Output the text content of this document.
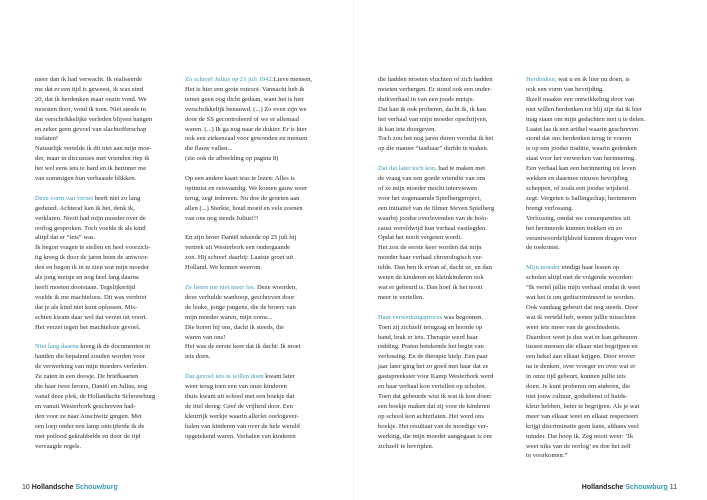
meer dan ik had verwacht. Ik realiseerde
me dat er een tijd is geweest, ik was eind
20, dat ik herdenken maar onzin vond. We
moesten door, vond ik toen. Niet steeds in
dat verschrikkelijke verleden blijven hangen
en zeker geen gevoel van slachtofferschap
toelaten!
Natuurlijk vertelde ik dit niet aan mijn moe-
der, maar in discussies met vrienden riep ik
het wel eens iets te hard en ik herinner me
van sommigen hun verbaasde blikken.

Deze vorm van verzet heeft niet zo lang
geduurd. Achteraf kan ik het, denk ik,
verklaren. Nooit had mijn moeder over de
oorlog gesproken. Toch voelde ik als kind
altijd dat er “iets” was.
Ik begon vragen te stellen en heel voorzich-
tig kreeg ik door de jaren heen de antwoor-
den en begon ik in te zien wat mijn moeder
als jong meisje en nog heel lang daarna
heeft moeten doorstaan. Tegelijkertijd
voelde ik me machteloos. Dit was verdriet
dat je als kind niet kunt oplossen. Mis-
schien kwam daar wel dat verzet uit voort.
Het verzet tegen het machteloze gevoel.

Niet lang daarna kreeg ik de documenten in
handen die bepalend zouden worden voor
de verwerking van mijn moeders verleden.
Ze zaten in een doosje. De briefkaarten
die haar twee broers, Daniël en Julius, nog
vanaf deze plek, de Hollandsche Schouwburg
en vanuit Westerbork geschreven had-
den voor ze naar Auschwitz gingen. Met
een loep onder een lamp ontcijferde ik de
met potlood gekrabbelde en door de tijd
vervaagde regels.

Zo schreef Julius op 21 juli 1942:Lieve mensen,
Het is hier een grote rotzooi. Vannacht heb ik
temet geen oog dicht gedaan, want het is hier
verschrikkelijk benauwd. (...) Zo even zijn we
door de SS gecontroleerd of we er allemaal
waren. (...) Ik ga nog naar de dokter. Er is hier
ook een ziekenzaal voor gewonden en mensen
die flauw vallen...
(zie ook de afbeelding op pagina 8)

Op een andere kaart was te lezen: Alles is
optimist en reisvaardig. We komen gauw weer
terug, zegt iedereen. Nu doe de groeten aan
allen (...) Sterkte, houd moed en vele zoenen
van ons nog steeds Julius!!!

En zijn broer Daniël tekende op 25 juli bij
vertrek uit Westerbork een ondergaande
zon. Hij schreef daarbij: Laatste groet uit
Holland. We komen weerom.

Ze lieten me niet meer los. Deze woorden,
deze verhulde wanhoop, geschreven door
de leuke, jonge jongens, die de broers van
mijn moeder waren, mijn ooms...
Die horen bij ons, dacht ik steeds, die
waren van ons!
Het was de eerste keer dat ik dacht: Ik moet
iets doen.

Dat gevoel iets te willen doen kwam later
weer terug toen een van onze kinderen
thuis kwam uit school met een boekje dat
de titel droeg: Geef de vrijheid door. Een
kleurrijk werkje waarin allerlei oorlogsver-
halen van kinderen van over de hele wereld
opgetekend waren. Verhalen van kinderen

die hadden moeten vluchten of zich hadden
moeten verbergen. Er stond ook een onder-
duikverhaal in van een joods meisje.
Dat kan ik ook proberen, dacht ik, ik kan
het verhaal van mijn moeder opschrijven,
ik kan iets doorgeven.
Toch zou het nog jaren duren voordat ik het
op die manier “tastbaar” durfde te maken.

Dat dat later toch kon, had te maken met
de vraag van een goede vriendin van ons
of ze mijn moeder mocht interviewen
voor het zogenaamde Spielbergproject,
een initiatief van de filmer Steven Spielberg
waarbij joodse overlevenden van de holo-
caust wereldwijd hun verhaal vastlegden.
Opdat het nooit vergeten wordt.
Het zou de eerste keer worden dat mijn
moeder haar verhaal chronologisch ver-
telde. Dan ben ik ervan af, dacht ze, en dan
weten de kinderen en kleinkinderen ook
wat er gebeurd is. Dan hoef ik het nooit
meer te vertellen.

Haar verwerkingsproces was begonnen.
Toen zij zichzelf terugzag en hoorde op
band, brak er iets. Therapie werd haar
redding. Praten betekende het begin van
verlossing. En de therapie hielp. Een paar
jaar later ging het zo goed met haar dat ze
gastspreekster voor Kamp Westerbork werd
en haar verhaal kon vertellen op scholen.
Toen dat gebeurde wist ik wat ik kon doen:
een boekje maken dat zij voor de kinderen
op school kon achterlaten. Het werd ons
boekje. Het resultaat van de moedige ver-
werking, die mijn moeder aangegaan is om
zichzelf te bevrijden.

Herdenken, wat u en ik hier nu doen, is
ook een vorm van bevrijding.
Ikzelf maakte een ontwikkeling door van
niet willen herdenken tot blij zijn dat ik hier
mag staan om mijn gedachten met u te delen.
Laatst las ik een artikel waarin geschreven
stond dat ons herdenken terug te voeren
is op een joodse traditie, waarin gedenken
staat voor het verwerken van herinnering.
Een verhaal kan een herinnering tot leven
wekken en daarmee nieuwe bevrijding
scheppen, of zoals een joodse wijsheid
zegt: Vergeten is ballingschap, herinneren
brengt verlossing.
Verlossing, omdat we consequenties uit
het herinnerde kunnen trekken en zo
verantwoordelijkheid kunnen dragen voor
de toekomst.

Mijn moeder eindigt haar lessen op
scholen altijd met de volgende woorden:
“Ik vertel jullie mijn verhaal omdat ik weet
wat het is om gediscrimineerd te worden.
Ook vandaag gebeurt dat nog steeds. Door
wat ik verteld heb, weten jullie misschien
weer iets meer van de geschiedenis.
Daardoor weet je dus wat er kan gebeuren
tussen mensen die elkaar niet begrijpen en
een hekel aan elkaar krijgen. Door erover
na te denken, over vroeger en over wat er
in onze tijd gebeurt, kunnen jullie iets
doen. Je kunt proberen om anderen, die
niet jouw cultuur, godsdienst of huids-
kleur hebben, beter te begrijpen. Als je wat
meer van elkaar weet en elkaar respecteert
krijgt discriminatie geen kans, althans veel
minder. Dat hoop ik. Zeg nooit weer: ‘Ik
weet niks van de oorlog’ en doe het zelf
to voorkomen.”

10 Hollandsche Schouwburg	Hollandsche Schouwburg 11
